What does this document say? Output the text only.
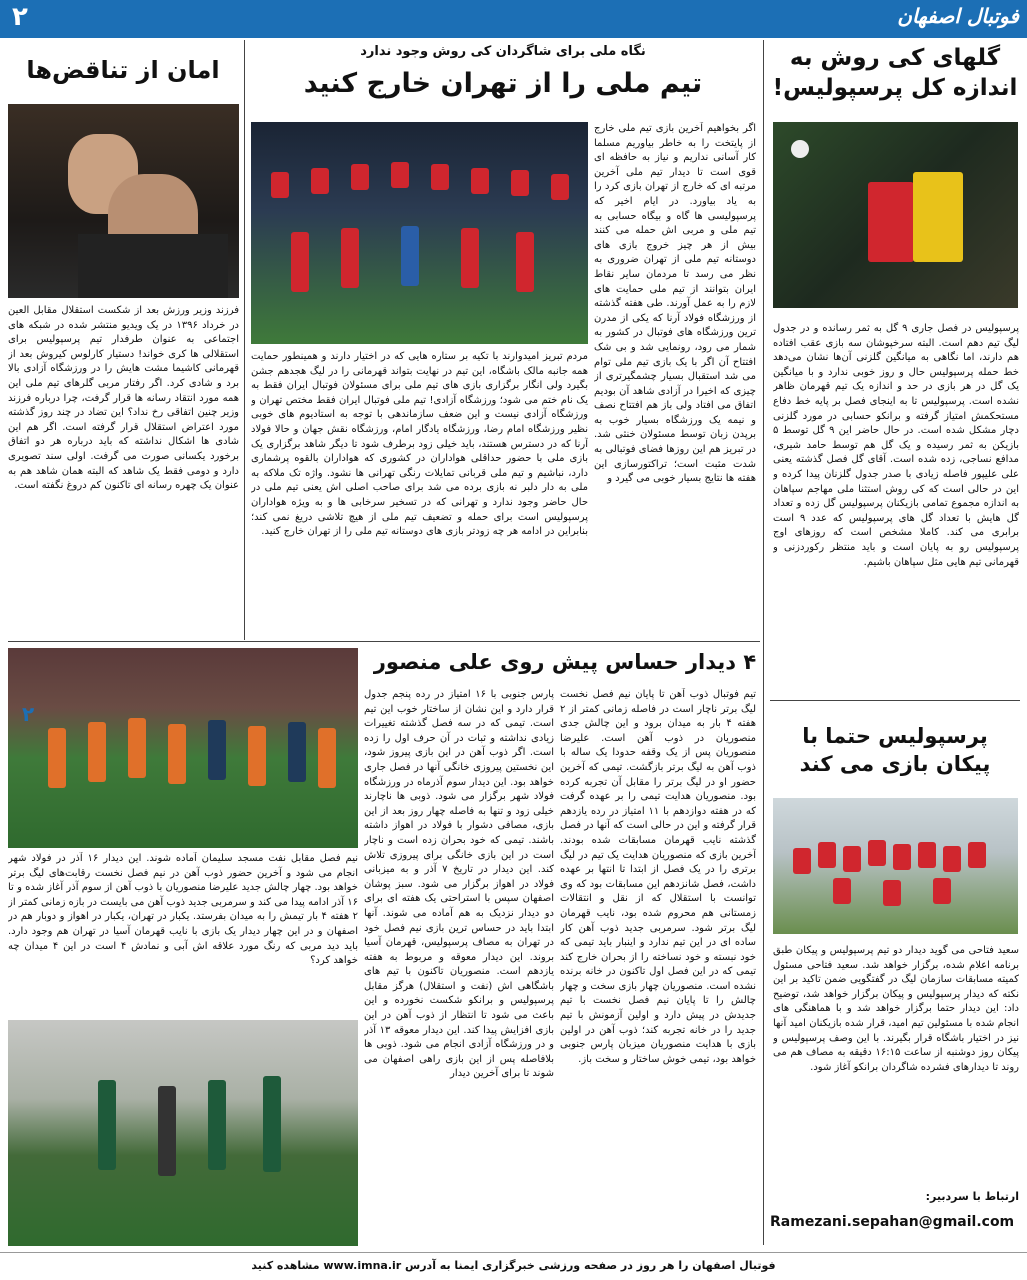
فوتبال اصفهان
۲
گلهای کی روش به
اندازه کل پرسپولیس!
پرسپولیس در فصل جاری ۹ گل به ثمر رسانده و در جدول لیگ تیم دهم است. البته سرخپوشان سه بازی عقب افتاده هم دارند، اما نگاهی به میانگین گلزنی آن‌ها نشان می‌دهد خط حمله پرسپولیس حال و روز خوبی ندارد و با میانگین یک گل در هر بازی در حد و اندازه یک تیم قهرمان ظاهر نشده است. پرسپولیس تا به اینجای فصل بر پایه خط دفاع مستحکمش امتیاز گرفته و برانکو حسابی در مورد گلزنی دچار مشکل شده است. در حال حاضر این ۹ گل توسط ۵ بازیکن به ثمر رسیده و یک گل هم توسط حامد شیری، مدافع نساجی، زده شده است. آقای گل فصل گذشته یعنی علی علیپور فاصله زیادی با صدر جدول گلزنان پیدا کرده و این در حالی است که کی روش استثنا ملی مهاجم سپاهان به اندازه مجموع تمامی بازیکنان پرسپولیس گل زده و تعداد گل هایش با تعداد گل های پرسپولیس که عدد ۹ است برابری می کند. کاملا مشخص است که روزهای اوج پرسپولیس رو به پایان است و باید منتظر رکوردزنی و قهرمانی تیم هایی مثل سپاهان باشیم.
پرسپولیس حتما با
پیکان بازی می کند
سعید فتاحی می گوید دیدار دو تیم پرسپولیس و پیکان طبق برنامه اعلام شده، برگزار خواهد شد. سعید فتاحی مسئول کمیته مسابقات سازمان لیگ در گفتگویی ضمن تاکید بر این نکته که دیدار پرسپولیس و پیکان برگزار خواهد شد، توضیح داد: این دیدار حتما برگزار خواهد شد و با هماهنگی های انجام شده با مسئولین تیم امید، قرار شده بازیکنان امید آنها نیز در اختیار باشگاه قرار بگیرند. با این وصف پرسپولیس و پیکان روز دوشنبه از ساعت ۱۶:۱۵ دقیقه به مصاف هم می روند تا دیدارهای فشرده شاگردان برانکو آغاز شود.
ارتباط با سردبیر:
Ramezani.sepahan@gmail.com
نگاه ملی برای شاگردان کی روش وجود ندارد
تیم ملی را از تهران خارج کنید
اگر بخواهیم آخرین بازی تیم ملی خارج از پایتخت را به خاطر بیاوریم مسلما کار آسانی نداریم و نیاز به حافظه ای قوی است تا دیدار تیم ملی آخرین مرتبه ای که خارج از تهران بازی کرد را به یاد بیاورد. در ایام اخیر که پرسپولیسی ها گاه و بیگاه حسابی به تیم ملی و مربی اش حمله می کنند بیش از هر چیز خروج بازی های دوستانه تیم ملی از تهران ضروری به نظر می رسد تا مردمان سایر نقاط ایران بتوانند از تیم ملی حمایت های لازم را به عمل آورند. طی هفته گذشته از ورزشگاه فولاد آرنا که یکی از مدرن ترین ورزشگاه های فوتبال در کشور به شمار می رود، رونمایی شد و بی شک افتتاح آن اگر با یک بازی تیم ملی توام می شد استقبال بسیار چشمگیرتری از چیزی که اخیرا در آزادی شاهد آن بودیم اتفاق می افتاد ولی باز هم افتتاح نصف و نیمه یک ورزشگاه بسیار خوب به برپدن زبان توسط مسئولان خنثی شد. در تبریز هم این روزها فضای فوتبالی به شدت مثبت است؛ تراکتورسازی این هفته ها نتایج بسیار خوبی می گیرد و
مردم تبریز امیدوارند با تکیه بر ستاره هایی که در اختیار دارند و همینطور حمایت همه جانبه مالک باشگاه، این تیم در نهایت بتواند قهرمانی را در لیگ هجدهم جشن بگیرد ولی انگار برگزاری بازی های تیم ملی برای مسئولان فوتبال ایران فقط به یک نام ختم می شود؛ ورزشگاه آزادی! تیم ملی فوتبال ایران فقط مختص تهران و ورزشگاه آزادی نیست و این ضعف سازماندهی با توجه به استادیوم های خوبی نظیر ورزشگاه امام رضا، ورزشگاه یادگار امام، ورزشگاه نقش جهان و حالا فولاد آرنا که در دسترس هستند، باید خیلی زود برطرف شود تا دیگر شاهد برگزاری یک بازی ملی با حضور حداقلی هواداران در کشوری که هواداران بالقوه پرشماری دارد، نباشیم و تیم ملی قربانی تمایلات رنگی تهرانی ها نشود. واژه تک ملاکه به ملی به دار دلبر نه بازی برده می شد برای صاحب اصلی اش یعنی تیم ملی در حال حاضر وجود ندارد و تهرانی که در تسخیر سرخابی ها و به ویژه هواداران پرسپولیس است برای حمله و تضعیف تیم ملی از هیچ تلاشی دریغ نمی کند؛ بنابراین در ادامه هر چه زودتر بازی های دوستانه تیم ملی را از تهران خارج کنید.
امان از تناقض‌ها
فرزند وزیر ورزش بعد از شکست استقلال مقابل العین در خرداد ۱۳۹۶ در یک ویدیو منتشر شده در شبکه های اجتماعی به عنوان طرفدار تیم پرسپولیس برای استقلالی ها کری خواند! دستیار کارلوس کیروش بعد از قهرمانی کاشیما مشت هایش را در ورزشگاه آزادی بالا برد و شادی کرد. اگر رفتار مربی گلرهای تیم ملی این همه مورد انتقاد رسانه ها قرار گرفت، چرا درباره فرزند وزیر چنین اتفاقی رخ نداد؟ این تضاد در چند روز گذشته مورد اعتراض استقلال قرار گرفته است. اگر هم این شادی ها اشکال نداشته که باید درباره هر دو اتفاق برخورد یکسانی صورت می گرفت. اولی سند تصویری دارد و دومی فقط یک شاهد که البته همان شاهد هم به عنوان یک چهره رسانه ای تاکنون کم دروغ نگفته است.
۴ دیدار حساس پیش روی علی منصور
تیم فوتبال ذوب آهن تا پایان نیم فصل نخست لیگ برتر ناچار است در فاصله زمانی کمتر از ۲ هفته ۴ بار به میدان برود و این چالش جدی منصوریان در ذوب آهن است. علیرضا منصوریان پس از یک وقفه حدودا یک ساله با ذوب آهن به لیگ برتر بازگشت. تیمی که آخرین حضور او در لیگ برتر را مقابل آن تجربه کرده بود. منصوریان هدایت تیمی را بر عهده گرفت که در هفته دوازدهم با ۱۱ امتیاز در رده یازدهم قرار گرفته و این در حالی است که آنها در فصل گذشته نایب قهرمان مسابقات شده بودند. آخرین بازی که منصوریان هدایت یک تیم در لیگ برتری را در یک فصل از ابتدا تا انتها بر عهده داشت، فصل شانزدهم این مسابقات بود که وی توانست با استقلال که از نقل و انتقالات زمستانی هم محروم شده بود، نایب قهرمان لیگ برتر شود. سرمربی جدید ذوب آهن کار ساده ای در این تیم ندارد و اینبار باید تیمی که خود نبسته و خود نساخته را از بحران خارج کند تیمی که در این فصل اول تاکنون در خانه برنده نشده است. منصوریان چهار بازی سخت و چهار چالش را تا پایان نیم فصل نخست با تیم جدیدش در پیش دارد و اولین آزمونش با تیم جدید را در خانه تجربه کند؛ ذوب آهن در اولین بازی با هدایت منصوریان میزبان پارس جنوبی خواهد بود، تیمی خوش ساختار و سخت باز.
پارس جنوبی با ۱۶ امتیاز در رده پنجم جدول قرار دارد و این نشان از ساختار خوب این تیم است. تیمی که در سه فصل گذشته تغییرات زیادی نداشته و ثبات در آن حرف اول را زده است. اگر ذوب آهن در این بازی پیروز شود، این نخستین پیروزی خانگی آنها در فصل جاری خواهد بود. این دیدار سوم آذرماه در ورزشگاه فولاد شهر برگزار می شود. ذوبی ها ناچارند خیلی زود و تنها به فاصله چهار روز بعد از این بازی، مصافی دشوار با فولاد در اهواز داشته باشند. تیمی که خود بحران زده است و ناچار است در این بازی خانگی برای پیروزی تلاش کند. این دیدار در تاریخ ۷ آذر و به میزبانی فولاد در اهواز برگزار می شود. سبز پوشان اصفهان سپس با استراحتی یک هفته ای برای دو دیدار نزدیک به هم آماده می شوند. آنها ابتدا باید در حساس ترین بازی نیم فصل خود در تهران به مصاف پرسپولیس، قهرمان آسیا بروند. این دیدار معوقه و مربوط به هفته یازدهم است. منصوریان تاکنون با تیم های باشگاهی اش (نفت و استقلال) هرگز مقابل پرسپولیس و برانکو شکست نخورده و این باعث می شود تا انتظار از ذوب آهن در این بازی افزایش پیدا کند. این دیدار معوقه ۱۳ آذر و در ورزشگاه آزادی انجام می شود. ذوبی ها بلافاصله پس از این بازی راهی اصفهان می شوند تا برای آخرین دیدار
نیم فصل مقابل نفت مسجد سلیمان آماده شوند. این دیدار ۱۶ آذر در فولاد شهر انجام می شود و آخرین حضور ذوب آهن در نیم فصل نخست رقابت‌های لیگ برتر خواهد بود. چهار چالش جدید علیرضا منصوریان با ذوب آهن از سوم آذر آغاز شده و تا ۱۶ آذر ادامه پیدا می کند و سرمربی جدید ذوب آهن می بایست در بازه زمانی کمتر از ۲ هفته ۴ بار تیمش را به میدان بفرستد. یکبار در تهران، یکبار در اهواز و دوبار هم در اصفهان و در این چهار دیدار یک بازی با نایب قهرمان آسیا در تهران هم وجود دارد. باید دید مربی که رنگ مورد علاقه اش آبی و نمادش ۴ است در این ۴ میدان چه خواهد کرد؟
۲
فوتبال اصفهان را هر روز در صفحه ورزشی خبرگزاری ایمنا به آدرس www.imna.ir مشاهده کنید
